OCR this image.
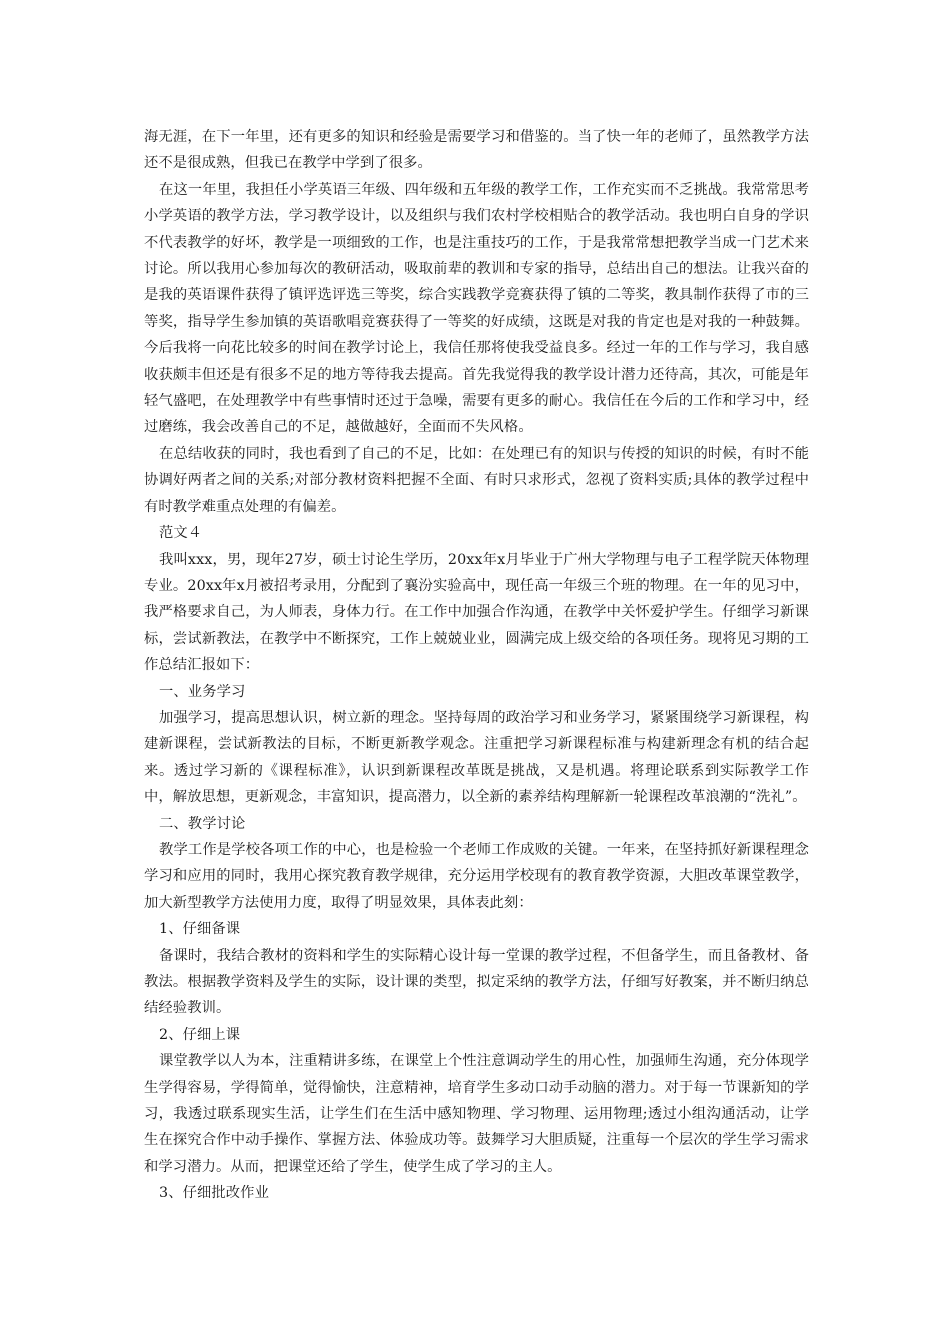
海无涯，在下一年里，还有更多的知识和经验是需要学习和借鉴的。当了快一年的老师了，虽然教学方法还不是很成熟，但我已在教学中学到了很多。

在这一年里，我担任小学英语三年级、四年级和五年级的教学工作，工作充实而不乏挑战。我常常思考小学英语的教学方法，学习教学设计，以及组织与我们农村学校相贴合的教学活动。我也明白自身的学识不代表教学的好坏，教学是一项细致的工作，也是注重技巧的工作，于是我常常想把教学当成一门艺术来讨论。所以我用心参加每次的教研活动，吸取前辈的教训和专家的指导，总结出自己的想法。让我兴奋的是我的英语课件获得了镇评选评选三等奖，综合实践教学竞赛获得了镇的二等奖，教具制作获得了市的三等奖，指导学生参加镇的英语歌唱竞赛获得了一等奖的好成绩，这既是对我的肯定也是对我的一种鼓舞。今后我将一向花比较多的时间在教学讨论上，我信任那将使我受益良多。经过一年的工作与学习，我自感收获颇丰但还是有很多不足的地方等待我去提高。首先我觉得我的教学设计潜力还待高，其次，可能是年轻气盛吧，在处理教学中有些事情时还过于急噪，需要有更多的耐心。我信任在今后的工作和学习中，经过磨练，我会改善自己的不足，越做越好，全面而不失风格。

在总结收获的同时，我也看到了自己的不足，比如：在处理已有的知识与传授的知识的时候，有时不能协调好两者之间的关系;对部分教材资料把握不全面、有时只求形式，忽视了资料实质;具体的教学过程中有时教学难重点处理的有偏差。

范文４

我叫xxx，男，现年27岁，硕士讨论生学历，20xx年x月毕业于广州大学物理与电子工程学院天体物理专业。20xx年x月被招考录用，分配到了襄汾实验高中，现任高一年级三个班的物理。在一年的见习中，我严格要求自己，为人师表，身体力行。在工作中加强合作沟通，在教学中关怀爱护学生。仔细学习新课标，尝试新教法，在教学中不断探究，工作上兢兢业业，圆满完成上级交给的各项任务。现将见习期的工作总结汇报如下：

一、业务学习

加强学习，提高思想认识，树立新的理念。坚持每周的政治学习和业务学习，紧紧围绕学习新课程，构建新课程，尝试新教法的目标，不断更新教学观念。注重把学习新课程标准与构建新理念有机的结合起来。透过学习新的《课程标准》，认识到新课程改革既是挑战，又是机遇。将理论联系到实际教学工作中，解放思想，更新观念，丰富知识，提高潜力，以全新的素养结构理解新一轮课程改革浪潮的“洗礼”。

二、教学讨论

教学工作是学校各项工作的中心，也是检验一个老师工作成败的关键。一年来，在坚持抓好新课程理念学习和应用的同时，我用心探究教育教学规律，充分运用学校现有的教育教学资源，大胆改革课堂教学，加大新型教学方法使用力度，取得了明显效果，具体表此刻：

1、仔细备课

备课时，我结合教材的资料和学生的实际精心设计每一堂课的教学过程，不但备学生，而且备教材、备教法。根据教学资料及学生的实际，设计课的类型，拟定采纳的教学方法，仔细写好教案，并不断归纳总结经验教训。

2、仔细上课

课堂教学以人为本，注重精讲多练，在课堂上个性注意调动学生的用心性，加强师生沟通，充分体现学生学得容易，学得简单，觉得愉快，注意精神，培育学生多动口动手动脑的潜力。对于每一节课新知的学习，我透过联系现实生活，让学生们在生活中感知物理、学习物理、运用物理;透过小组沟通活动，让学生在探究合作中动手操作、掌握方法、体验成功等。鼓舞学习大胆质疑，注重每一个层次的学生学习需求和学习潜力。从而，把课堂还给了学生，使学生成了学习的主人。

3、仔细批改作业
